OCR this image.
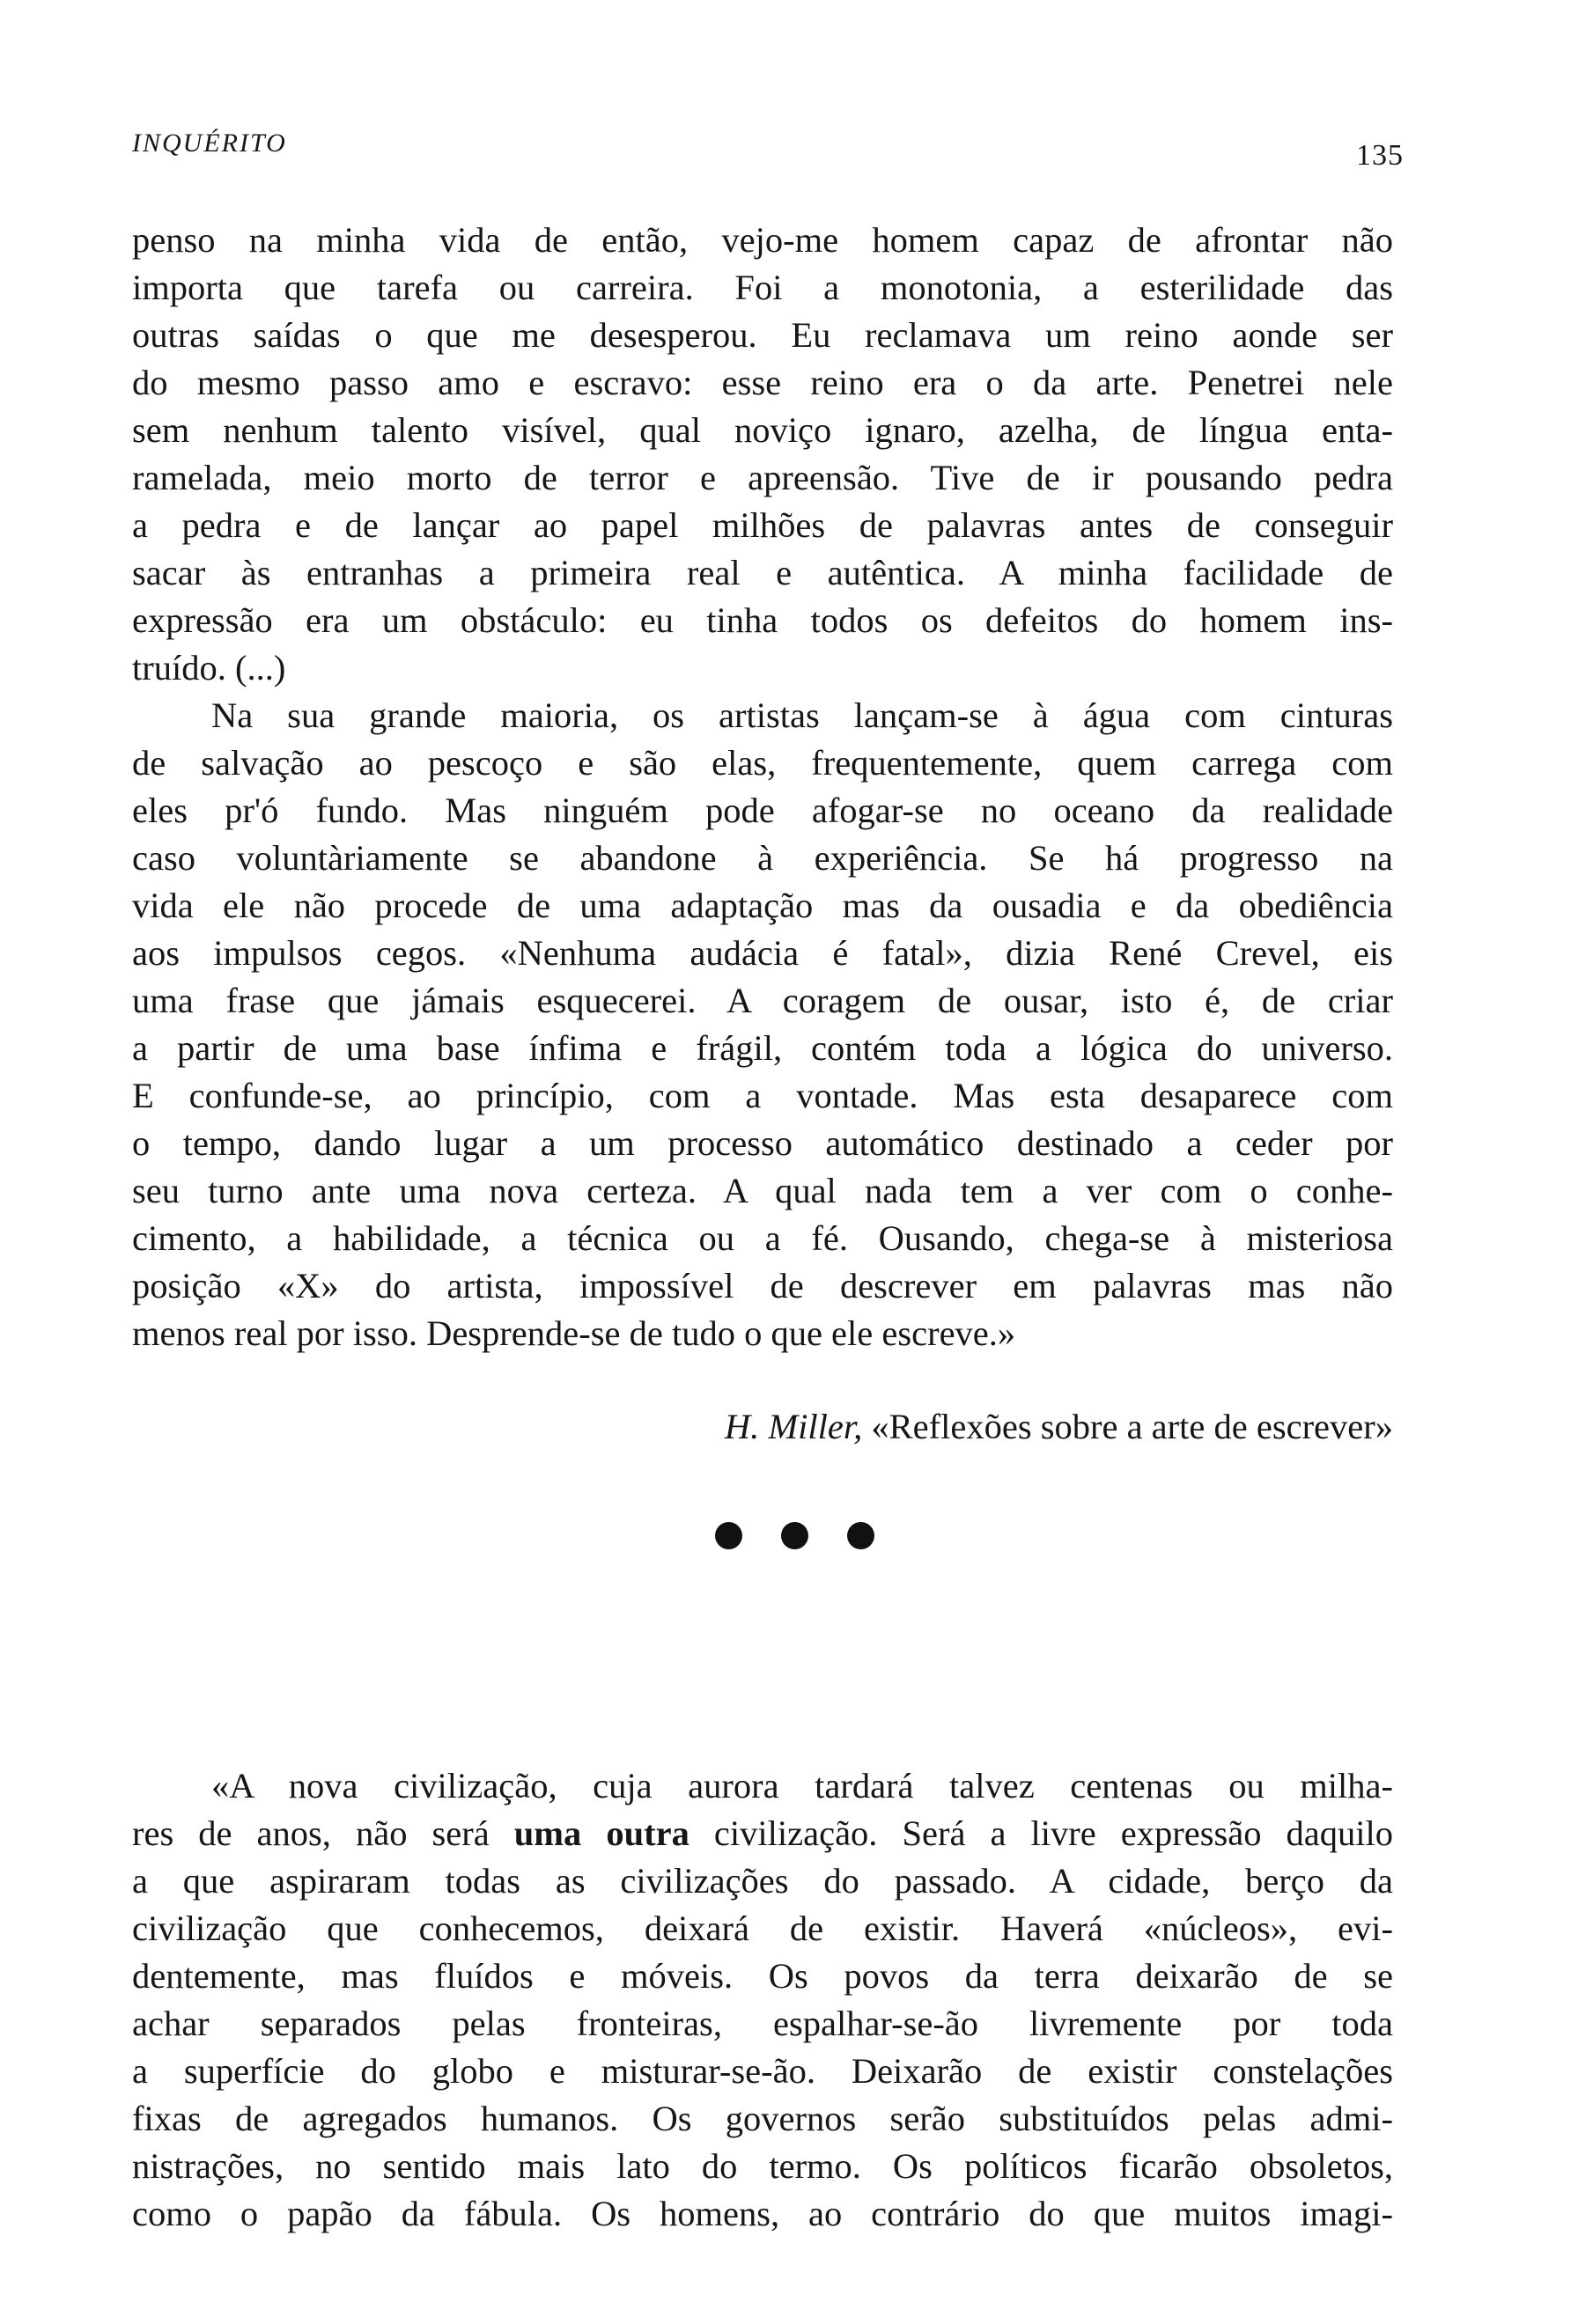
INQUÉRITO	135
penso na minha vida de então, vejo-me homem capaz de afrontar não
importa que tarefa ou carreira. Foi a monotonia, a esterilidade das
outras saídas o que me desesperou. Eu reclamava um reino aonde ser
do mesmo passo amo e escravo: esse reino era o da arte. Penetrei nele
sem nenhum talento visível, qual noviço ignaro, azelha, de língua enta-
ramelada, meio morto de terror e apreensão. Tive de ir pousando pedra
a pedra e de lançar ao papel milhões de palavras antes de conseguir
sacar às entranhas a primeira real e autêntica. A minha facilidade de
expressão era um obstáculo: eu tinha todos os defeitos do homem ins-
truído. (...)
Na sua grande maioria, os artistas lançam-se à água com cinturas
de salvação ao pescoço e são elas, frequentemente, quem carrega com
eles pr'ó fundo. Mas ninguém pode afogar-se no oceano da realidade
caso voluntàriamente se abandone à experiência. Se há progresso na
vida ele não procede de uma adaptação mas da ousadia e da obediência
aos impulsos cegos. «Nenhuma audácia é fatal», dizia René Crevel, eis
uma frase que jámais esquecerei. A coragem de ousar, isto é, de criar
a partir de uma base ínfima e frágil, contém toda a lógica do universo.
E confunde-se, ao princípio, com a vontade. Mas esta desaparece com
o tempo, dando lugar a um processo automático destinado a ceder por
seu turno ante uma nova certeza. A qual nada tem a ver com o conhe-
cimento, a habilidade, a técnica ou a fé. Ousando, chega-se à misteriosa
posição «X» do artista, impossível de descrever em palavras mas não
menos real por isso. Desprende-se de tudo o que ele escreve.»
H. Miller, «Reflexões sobre a arte de escrever»
«A nova civilização, cuja aurora tardará talvez centenas ou milha-
res de anos, não será uma outra civilização. Será a livre expressão daquilo
a que aspiraram todas as civilizações do passado. A cidade, berço da
civilização que conhecemos, deixará de existir. Haverá «núcleos», evi-
dentemente, mas fluídos e móveis. Os povos da terra deixarão de se
achar separados pelas fronteiras, espalhar-se-ão livremente por toda
a superfície do globo e misturar-se-ão. Deixarão de existir constelações
fixas de agregados humanos. Os governos serão substituídos pelas admi-
nistrações, no sentido mais lato do termo. Os políticos ficarão obsoletos,
como o papão da fábula. Os homens, ao contrário do que muitos imagi-
